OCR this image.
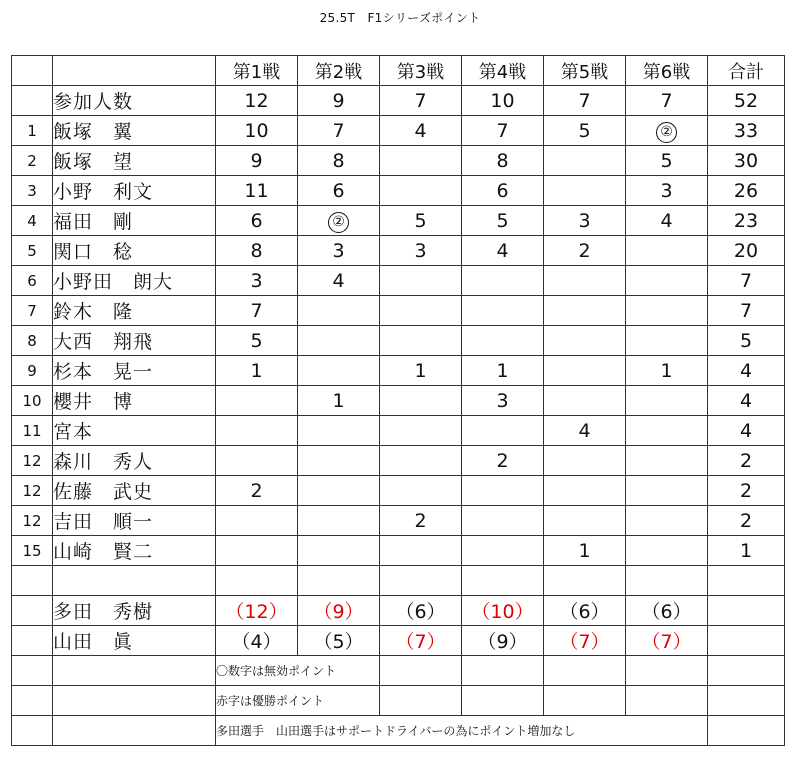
25.5T　F1シリーズポイント
		第1戦	第2戦	第3戦	第4戦	第5戦	第6戦	合計
	参加人数	12	9	7	10	7	7	52
1	飯塚　翼	10	7	4	7	5	②	33
2	飯塚　望	9	8		8		5	30
3	小野　利文	11	6		6		3	26
4	福田　剛	6	②	5	5	3	4	23
5	関口　稔	8	3	3	4	2		20
6	小野田　朗大	3	4					7
7	鈴木　隆	7						7
8	大西　翔飛	5						5
9	杉本　晃一	1		1	1		1	4
10	櫻井　博		1		3			4
11	宮本					4		4
12	森川　秀人				2			2
12	佐藤　武史	2						2
12	吉田　順一			2				2
15	山崎　賢二					1		1

	多田　秀樹	（12）	（9）	（6）	（10）	（6）	（6）	
	山田　眞	（4）	（5）	（7）	（9）	（7）	（7）	
		〇数字は無効ポイント						
		赤字は優勝ポイント						
		多田選手　山田選手はサポートドライバーの為にポイント増加なし						
